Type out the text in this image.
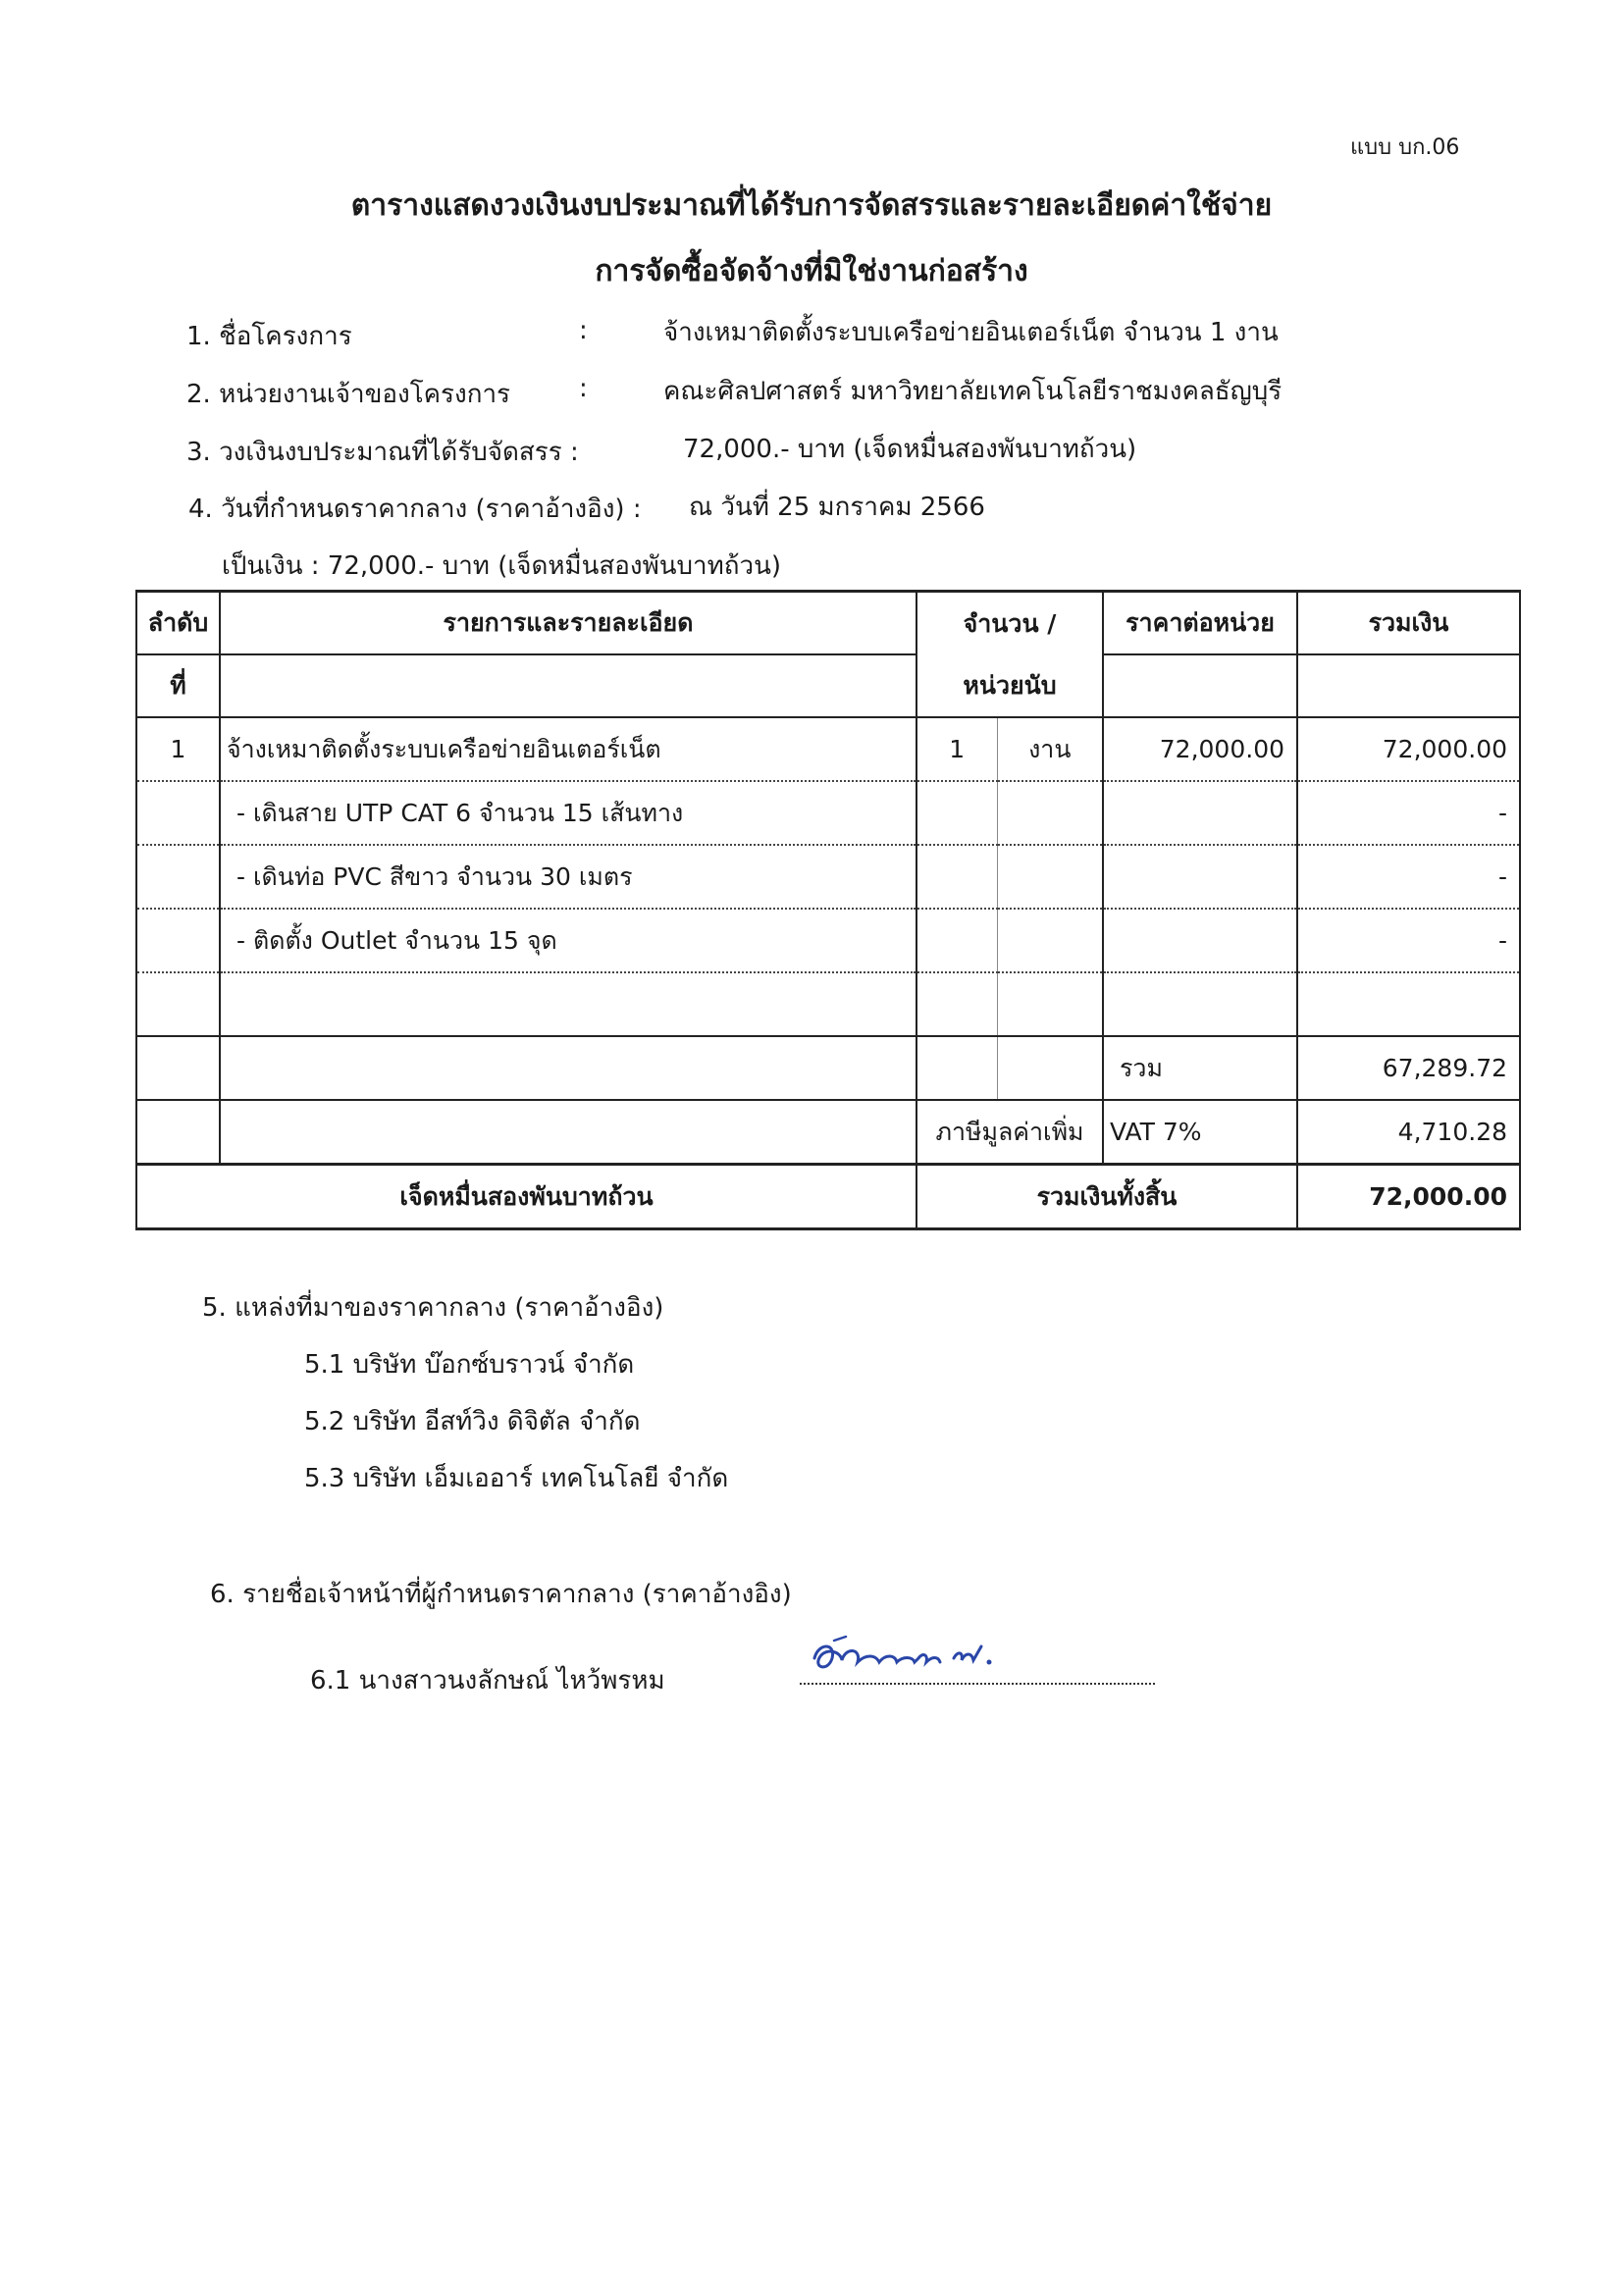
แบบ บก.06
ตารางแสดงวงเงินงบประมาณที่ได้รับการจัดสรรและรายละเอียดค่าใช้จ่าย
การจัดซื้อจัดจ้างที่มิใช่งานก่อสร้าง
1. ชื่อโครงการ	:	จ้างเหมาติดตั้งระบบเครือข่ายอินเตอร์เน็ต จำนวน 1 งาน
2. หน่วยงานเจ้าของโครงการ	:	คณะศิลปศาสตร์ มหาวิทยาลัยเทคโนโลยีราชมงคลธัญบุรี
3. วงเงินงบประมาณที่ได้รับจัดสรร :	72,000.- บาท (เจ็ดหมื่นสองพันบาทถ้วน)
4. วันที่กำหนดราคากลาง (ราคาอ้างอิง) : ณ วันที่ 25 มกราคม 2566
เป็นเงิน : 72,000.- บาท (เจ็ดหมื่นสองพันบาทถ้วน)
ลำดับ	รายการและรายละเอียด	จำนวน /		ราคาต่อหน่วย	รวมเงิน
ที่		หน่วยนับ			
1	จ้างเหมาติดตั้งระบบเครือข่ายอินเตอร์เน็ต	1	งาน	72,000.00	72,000.00
	- เดินสาย UTP CAT 6 จำนวน 15 เส้นทาง				-
	- เดินท่อ PVC สีขาว จำนวน 30 เมตร				-
	- ติดตั้ง Outlet จำนวน 15 จุด				-

				รวม	67,289.72
		ภาษีมูลค่าเพิ่ม		VAT 7%	4,710.28
เจ็ดหมื่นสองพันบาทถ้วน		รวมเงินทั้งสิ้น			72,000.00
5. แหล่งที่มาของราคากลาง (ราคาอ้างอิง)
5.1 บริษัท บ๊อกซ์บราวน์ จำกัด
5.2 บริษัท อีสท์วิง ดิจิตัล จำกัด
5.3 บริษัท เอ็มเออาร์ เทคโนโลยี จำกัด
6. รายชื่อเจ้าหน้าที่ผู้กำหนดราคากลาง (ราคาอ้างอิง)
6.1 นางสาวนงลักษณ์ ไหว้พรหม
